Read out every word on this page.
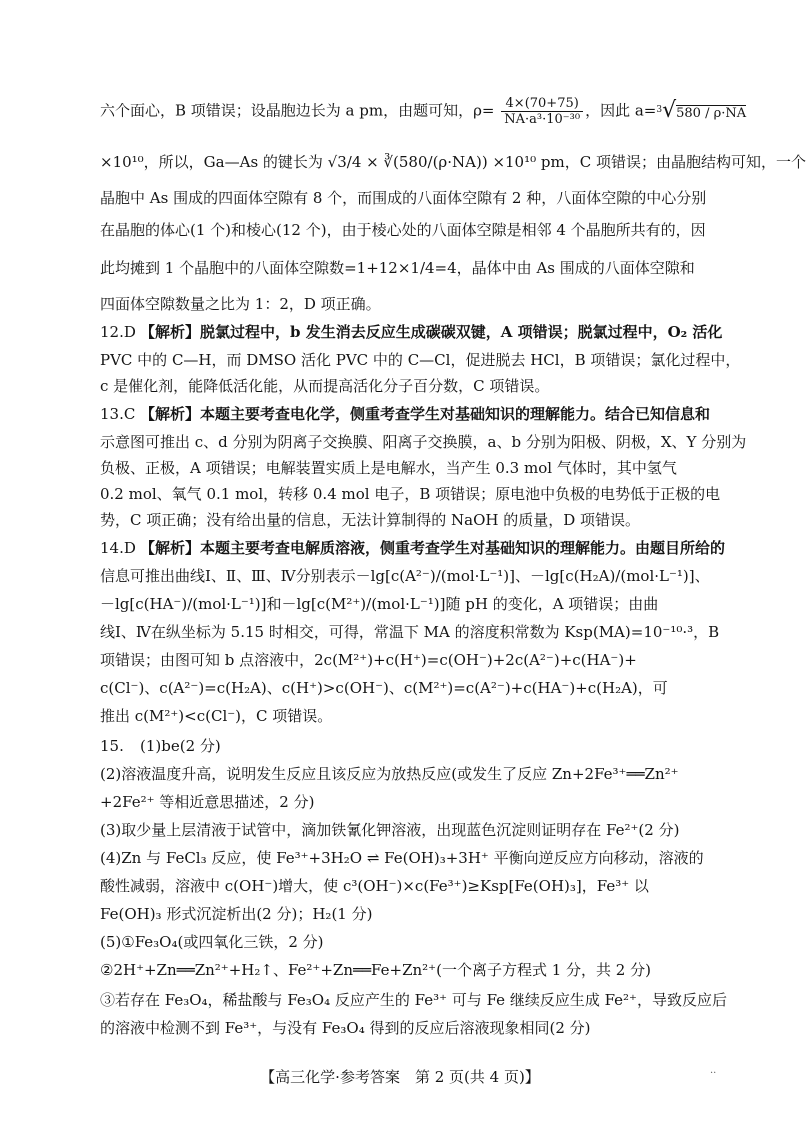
六个面心，B 项错误；设晶胞边长为 a pm，由题可知，$\rho= \frac{4\times(70+75)}{\text{NA·a³·10⁻³⁰}}$ ，因此 a=$^3$√580 / ρ·NA
×10¹⁰，所以，Ga—As 的键长为 √3/4 × ∛(580/(ρ·NA)) ×10¹⁰ pm，C 项错误；由晶胞结构可知，一个
晶胞中 As 围成的四面体空隙有 8 个，而围成的八面体空隙有 2 种，八面体空隙的中心分别
在晶胞的体心(1 个)和棱心(12 个)，由于棱心处的八面体空隙是相邻 4 个晶胞所共有的，因
此均摊到 1 个晶胞中的八面体空隙数=1+12×1/4=4，晶体中由 As 围成的八面体空隙和
四面体空隙数量之比为 1：2，D 项正确。
12.D 【解析】脱氯过程中，b 发生消去反应生成碳碳双键，A 项错误；脱氯过程中，O₂ 活化
PVC 中的 C—H，而 DMSO 活化 PVC 中的 C—Cl，促进脱去 HCl，B 项错误；氯化过程中，
c 是催化剂，能降低活化能，从而提高活化分子百分数，C 项错误。
13.C 【解析】本题主要考查电化学，侧重考查学生对基础知识的理解能力。结合已知信息和
示意图可推出 c、d 分别为阴离子交换膜、阳离子交换膜，a、b 分别为阳极、阴极，X、Y 分别为
负极、正极，A 项错误；电解装置实质上是电解水，当产生 0.3 mol 气体时，其中氢气
0.2 mol、氧气 0.1 mol，转移 0.4 mol 电子，B 项错误；原电池中负极的电势低于正极的电
势，C 项正确；没有给出量的信息，无法计算制得的 NaOH 的质量，D 项错误。
14.D 【解析】本题主要考查电解质溶液，侧重考查学生对基础知识的理解能力。由题目所给的
信息可推出曲线Ⅰ、Ⅱ、Ⅲ、Ⅳ分别表示－lg[c(A²⁻)/(mol·L⁻¹)]、－lg[c(H₂A)/(mol·L⁻¹)]、
－lg[c(HA⁻)/(mol·L⁻¹)]和－lg[c(M²⁺)/(mol·L⁻¹)]随 pH 的变化，A 项错误；由曲
线Ⅰ、Ⅳ在纵坐标为 5.15 时相交，可得，常温下 MA 的溶度积常数为 Ksp(MA)=10⁻¹⁰·³，B
项错误；由图可知 b 点溶液中，2c(M²⁺)+c(H⁺)=c(OH⁻)+2c(A²⁻)+c(HA⁻)+
c(Cl⁻)、c(A²⁻)=c(H₂A)、c(H⁺)>c(OH⁻)、c(M²⁺)=c(A²⁻)+c(HA⁻)+c(H₂A)，可
推出 c(M²⁺)<c(Cl⁻)，C 项错误。
15. (1)be(2 分)
(2)溶液温度升高，说明发生反应且该反应为放热反应(或发生了反应 Zn+2Fe³⁺══Zn²⁺
+2Fe²⁺ 等相近意思描述，2 分)
(3)取少量上层清液于试管中，滴加铁氰化钾溶液，出现蓝色沉淀则证明存在 Fe²⁺(2 分)
(4)Zn 与 FeCl₃ 反应，使 Fe³⁺+3H₂O ⇌ Fe(OH)₃+3H⁺ 平衡向逆反应方向移动，溶液的
酸性减弱，溶液中 c(OH⁻)增大，使 c³(OH⁻)×c(Fe³⁺)≥Ksp[Fe(OH)₃]，Fe³⁺ 以
Fe(OH)₃ 形式沉淀析出(2 分)；H₂(1 分)
(5)①Fe₃O₄(或四氧化三铁，2 分)
②2H⁺+Zn══Zn²⁺+H₂↑、Fe²⁺+Zn══Fe+Zn²⁺(一个离子方程式 1 分，共 2 分)
③若存在 Fe₃O₄，稀盐酸与 Fe₃O₄ 反应产生的 Fe³⁺ 可与 Fe 继续反应生成 Fe²⁺，导致反应后
的溶液中检测不到 Fe³⁺，与没有 Fe₃O₄ 得到的反应后溶液现象相同(2 分)
【高三化学·参考答案　第 2 页(共 4 页)】	··
